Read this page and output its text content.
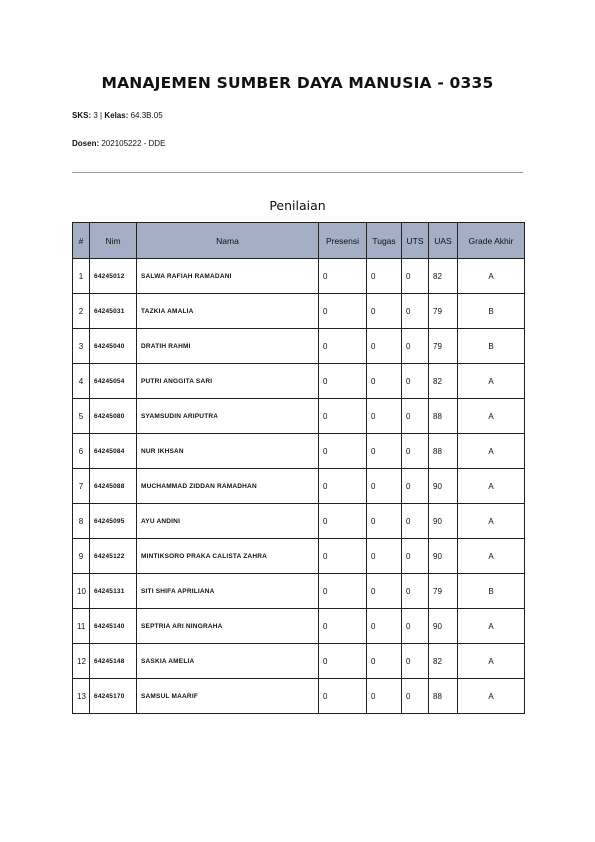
MANAJEMEN SUMBER DAYA MANUSIA - 0335
SKS: 3 | Kelas: 64.3B.05
Dosen: 202105222 - DDE
Penilaian
#	Nim	Nama	Presensi	Tugas	UTS	UAS	Grade Akhir
1	64245012	SALWA RAFIAH RAMADANI	0	0	0	82	A
2	64245031	TAZKIA AMALIA	0	0	0	79	B
3	64245040	DRATIH RAHMI	0	0	0	79	B
4	64245054	PUTRI ANGGITA SARI	0	0	0	82	A
5	64245080	SYAMSUDIN ARIPUTRA	0	0	0	88	A
6	64245084	NUR IKHSAN	0	0	0	88	A
7	64245088	MUCHAMMAD ZIDDAN RAMADHAN	0	0	0	90	A
8	64245095	AYU ANDINI	0	0	0	90	A
9	64245122	MINTIKSORO PRAKA CALISTA ZAHRA	0	0	0	90	A
10	64245131	SITI SHIFA APRILIANA	0	0	0	79	B
11	64245140	SEPTRIA ARI NINGRAHA	0	0	0	90	A
12	64245148	SASKIA AMELIA	0	0	0	82	A
13	64245170	SAMSUL MAARIF	0	0	0	88	A
